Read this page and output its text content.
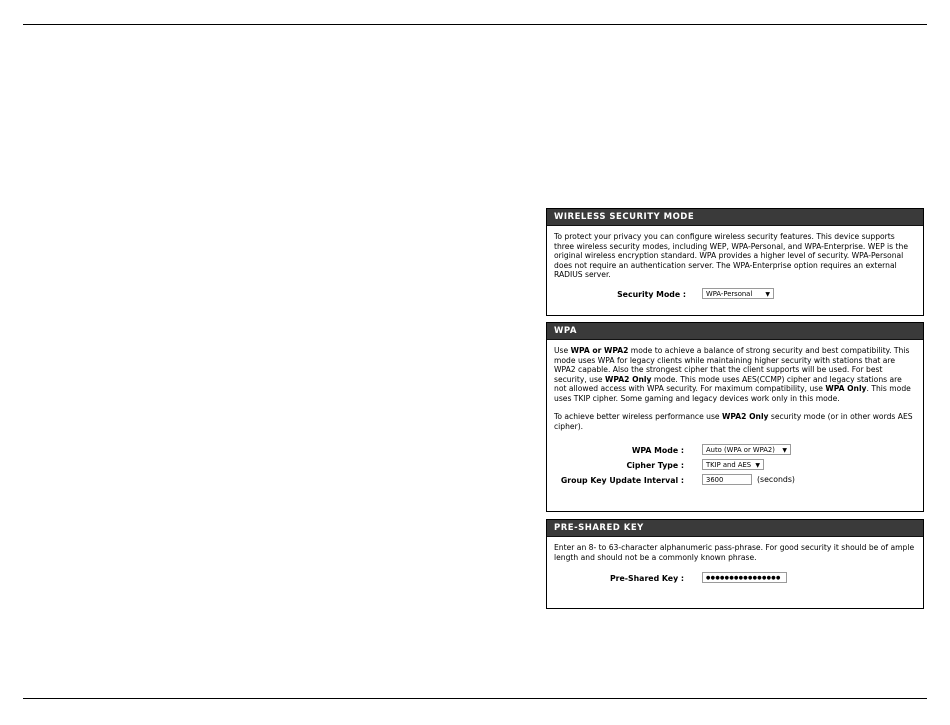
WIRELESS SECURITY MODE

To protect your privacy you can configure wireless security features. This device supports three wireless security modes, including WEP, WPA-Personal, and WPA-Enterprise. WEP is the original wireless encryption standard. WPA provides a higher level of security. WPA-Personal does not require an authentication server. The WPA-Enterprise option requires an external RADIUS server.

Security Mode :	WPA-Personal ▼
WPA

Use WPA or WPA2 mode to achieve a balance of strong security and best compatibility. This mode uses WPA for legacy clients while maintaining higher security with stations that are WPA2 capable. Also the strongest cipher that the client supports will be used. For best security, use WPA2 Only mode. This mode uses AES(CCMP) cipher and legacy stations are not allowed access with WPA security. For maximum compatibility, use WPA Only. This mode uses TKIP cipher. Some gaming and legacy devices work only in this mode.

To achieve better wireless performance use WPA2 Only security mode (or in other words AES cipher).

WPA Mode :	Auto (WPA or WPA2) ▼
Cipher Type :	TKIP and AES ▼
Group Key Update Interval :	3600	(seconds)
PRE-SHARED KEY

Enter an 8- to 63-character alphanumeric pass-phrase. For good security it should be of ample length and should not be a commonly known phrase.

Pre-Shared Key :	●●●●●●●●●●●●●●●●
